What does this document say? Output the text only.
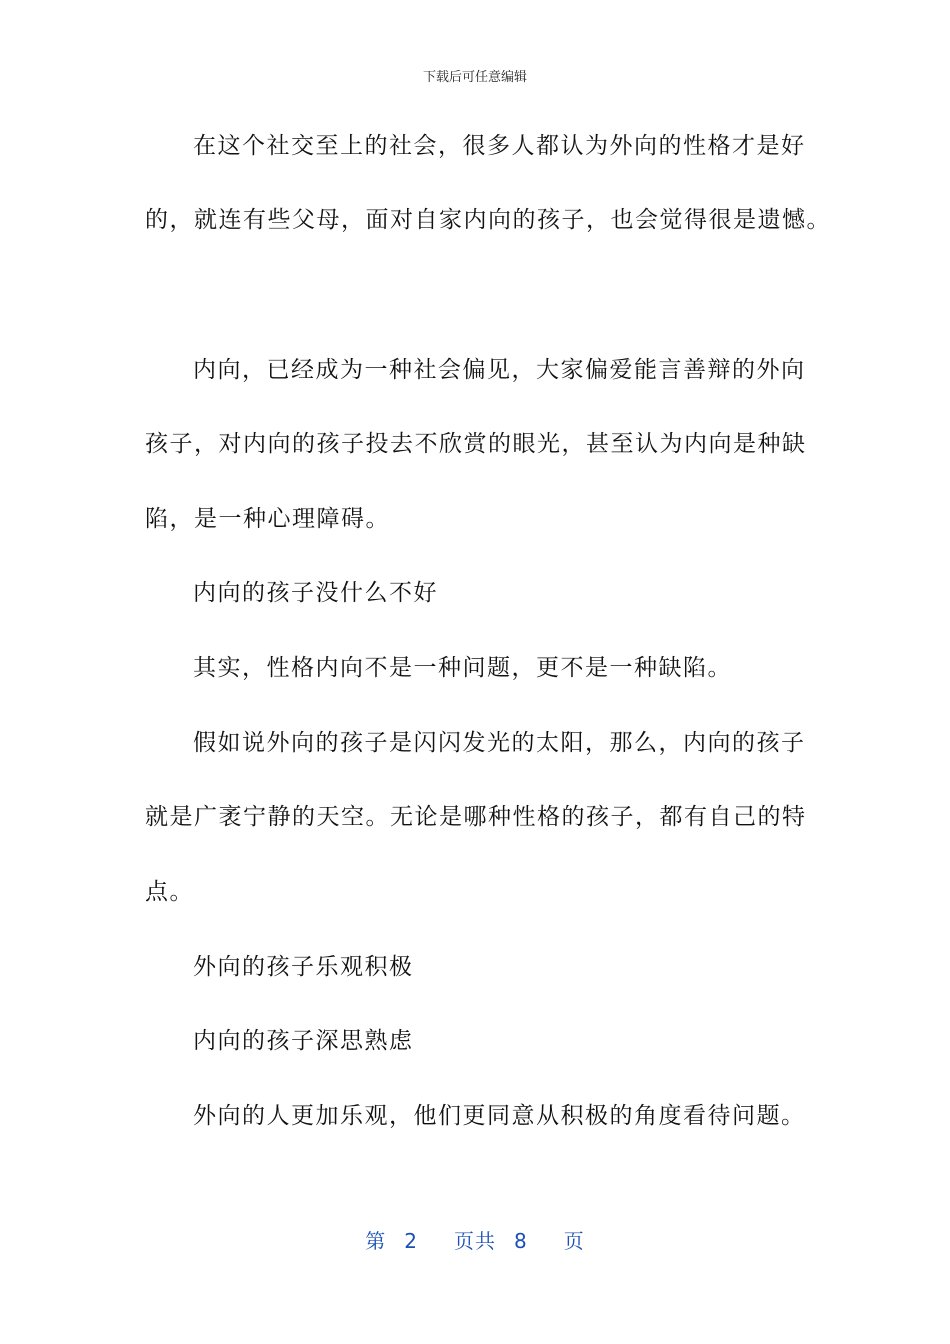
下载后可任意编辑
在这个社交至上的社会，很多人都认为外向的性格才是好
的，就连有些父母，面对自家内向的孩子，也会觉得很是遗憾。
内向，已经成为一种社会偏见，大家偏爱能言善辩的外向
孩子，对内向的孩子投去不欣赏的眼光，甚至认为内向是种缺
陷，是一种心理障碍。
内向的孩子没什么不好
其实，性格内向不是一种问题，更不是一种缺陷。
假如说外向的孩子是闪闪发光的太阳，那么，内向的孩子
就是广袤宁静的天空。无论是哪种性格的孩子，都有自己的特
点。
外向的孩子乐观积极
内向的孩子深思熟虑
外向的人更加乐观，他们更同意从积极的角度看待问题。
第 2 页共 8 页
